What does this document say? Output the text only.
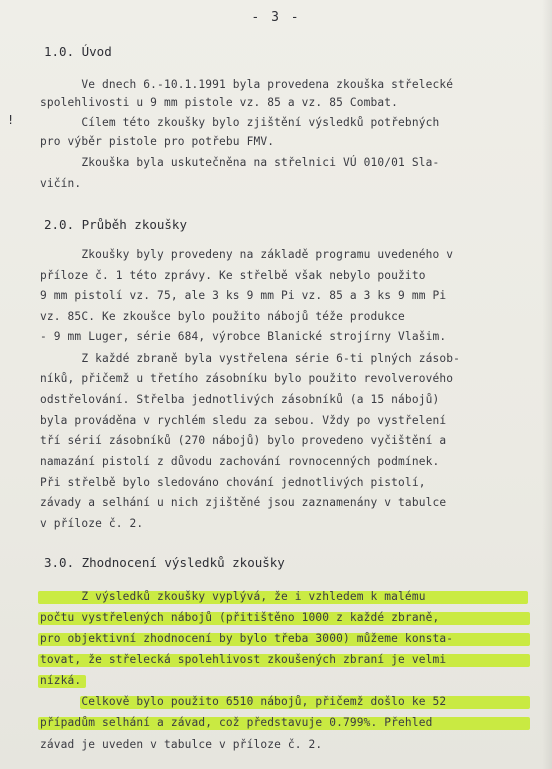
- 3 -
!
1.0. Úvod
Ve dnech 6.-10.1.1991 byla provedena zkouška střelecké
spolehlivosti u 9 mm pistole vz. 85 a vz. 85 Combat.
Cílem této zkoušky bylo zjištění výsledků potřebných
pro výběr pistole pro potřebu FMV.
Zkouška byla uskutečněna na střelnici VÚ 010/01 Sla-
vičín.
2.0. Průběh zkoušky
Zkoušky byly provedeny na základě programu uvedeného v
příloze č. 1 této zprávy. Ke střelbě však nebylo použito
9 mm pistolí vz. 75, ale 3 ks 9 mm Pi vz. 85 a 3 ks 9 mm Pi
vz. 85C. Ke zkoušce bylo použito nábojů téže produkce
- 9 mm Luger, série 684, výrobce Blanické strojírny Vlašim.
Z každé zbraně byla vystřelena série 6-ti plných zásob-
níků, přičemž u třetího zásobníku bylo použito revolverového
odstřelování. Střelba jednotlivých zásobníků (a 15 nábojů)
byla prováděna v rychlém sledu za sebou. Vždy po vystřelení
tří sérií zásobníků (270 nábojů) bylo provedeno vyčištění a
namazání pistolí z důvodu zachování rovnocenných podmínek.
Při střelbě bylo sledováno chování jednotlivých pistolí,
závady a selhání u nich zjištěné jsou zaznamenány v tabulce
v příloze č. 2.
3.0. Zhodnocení výsledků zkoušky
Z výsledků zkoušky vyplývá, že i vzhledem k malému
počtu vystřelených nábojů (přitištěno 1000 z každé zbraně,
pro objektivní zhodnocení by bylo třeba 3000) můžeme konsta-
tovat, že střelecká spolehlivost zkoušených zbraní je velmi
nízká.
Celkově bylo použito 6510 nábojů, přičemž došlo ke 52
případům selhání a závad, což představuje 0.799%. Přehled
závad je uveden v tabulce v příloze č. 2.
